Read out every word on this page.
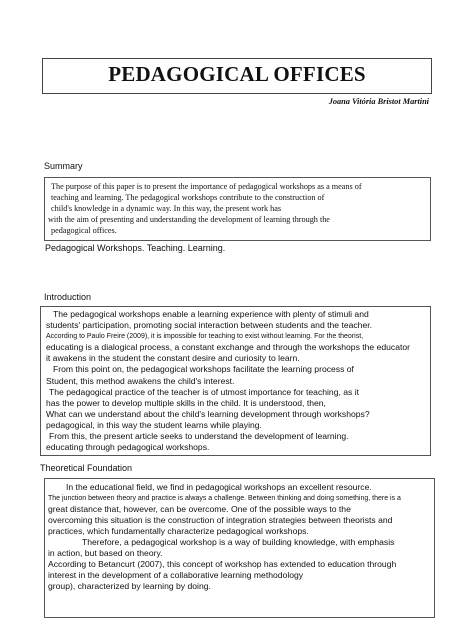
PEDAGOGICAL OFFICES
Joana Vitória Bristot Martini
Summary
The purpose of this paper is to present the importance of pedagogical workshops as a means of
teaching and learning. The pedagogical workshops contribute to the construction of
child's knowledge in a dynamic way. In this way, the present work has
with the aim of presenting and understanding the development of learning through the
pedagogical offices.
Pedagogical Workshops. Teaching. Learning.
Introduction
The pedagogical workshops enable a learning experience with plenty of stimuli and
students' participation, promoting social interaction between students and the teacher.
According to Paulo Freire (2009), it is impossible for teaching to exist without learning. For the theorist,
educating is a dialogical process, a constant exchange and through the workshops the educator
it awakens in the student the constant desire and curiosity to learn.
From this point on, the pedagogical workshops facilitate the learning process of
Student, this method awakens the child's interest.
The pedagogical practice of the teacher is of utmost importance for teaching, as it
has the power to develop multiple skills in the child. It is understood, then,
What can we understand about the child's learning development through workshops?
pedagogical, in this way the student learns while playing.
From this, the present article seeks to understand the development of learning.
educating through pedagogical workshops.
Theoretical Foundation
In the educational field, we find in pedagogical workshops an excellent resource.
The junction between theory and practice is always a challenge. Between thinking and doing something, there is a
great distance that, however, can be overcome. One of the possible ways to the
overcoming this situation is the construction of integration strategies between theorists and
practices, which fundamentally characterize pedagogical workshops.
Therefore, a pedagogical workshop is a way of building knowledge, with emphasis
in action, but based on theory.
According to Betancurt (2007), this concept of workshop has extended to education through
interest in the development of a collaborative learning methodology
group), characterized by learning by doing.
